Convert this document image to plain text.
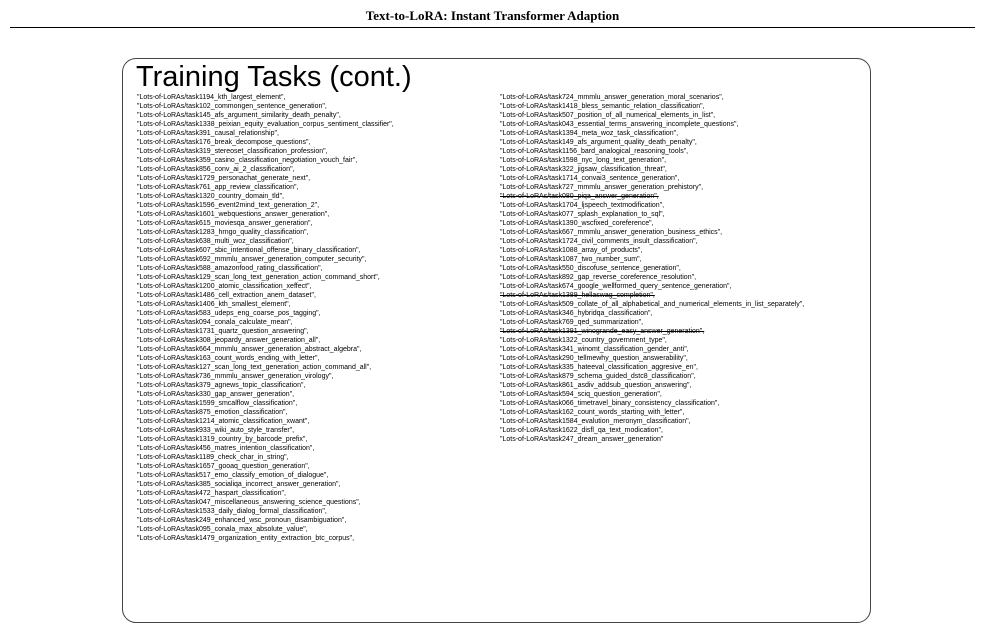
Text-to-LoRA: Instant Transformer Adaption
Training Tasks (cont.)
"Lots-of-LoRAs/task1194_kth_largest_element",
"Lots-of-LoRAs/task102_commongen_sentence_generation",
"Lots-of-LoRAs/task145_afs_argument_similarity_death_penalty",
"Lots-of-LoRAs/task1338_peixian_equity_evaluation_corpus_sentiment_classifier",
"Lots-of-LoRAs/task391_causal_relationship",
"Lots-of-LoRAs/task176_break_decompose_questions",
"Lots-of-LoRAs/task319_stereoset_classification_profession",
"Lots-of-LoRAs/task359_casino_classification_negotiation_vouch_fair",
"Lots-of-LoRAs/task856_conv_ai_2_classification",
"Lots-of-LoRAs/task1729_personachat_generate_next",
"Lots-of-LoRAs/task761_app_review_classification",
"Lots-of-LoRAs/task1320_country_domain_tld",
"Lots-of-LoRAs/task1596_event2mind_text_generation_2",
"Lots-of-LoRAs/task1601_webquestions_answer_generation",
"Lots-of-LoRAs/task615_moviesqa_answer_generation",
"Lots-of-LoRAs/task1283_hrngo_quality_classification",
"Lots-of-LoRAs/task638_multi_woz_classification",
"Lots-of-LoRAs/task607_sbic_intentional_offense_binary_classification",
"Lots-of-LoRAs/task692_mmmlu_answer_generation_computer_security",
"Lots-of-LoRAs/task588_amazonfood_rating_classification",
"Lots-of-LoRAs/task129_scan_long_text_generation_action_command_short",
"Lots-of-LoRAs/task1200_atomic_classification_xeffect",
"Lots-of-LoRAs/task1486_cell_extraction_anem_dataset",
"Lots-of-LoRAs/task1406_kth_smallest_element",
"Lots-of-LoRAs/task583_udeps_eng_coarse_pos_tagging",
"Lots-of-LoRAs/task094_conala_calculate_mean",
"Lots-of-LoRAs/task1731_quartz_question_answering",
"Lots-of-LoRAs/task308_jeopardy_answer_generation_all",
"Lots-of-LoRAs/task664_mmmlu_answer_generation_abstract_algebra",
"Lots-of-LoRAs/task163_count_words_ending_with_letter",
"Lots-of-LoRAs/task127_scan_long_text_generation_action_command_all",
"Lots-of-LoRAs/task736_mmmlu_answer_generation_virology",
"Lots-of-LoRAs/task379_agnews_topic_classification",
"Lots-of-LoRAs/task330_gap_answer_generation",
"Lots-of-LoRAs/task1599_smcalflow_classification",
"Lots-of-LoRAs/task875_emotion_classification",
"Lots-of-LoRAs/task1214_atomic_classification_xwant",
"Lots-of-LoRAs/task933_wiki_auto_style_transfer",
"Lots-of-LoRAs/task1319_country_by_barcode_prefix",
"Lots-of-LoRAs/task456_matres_intention_classification",
"Lots-of-LoRAs/task1189_check_char_in_string",
"Lots-of-LoRAs/task1657_gooaq_question_generation",
"Lots-of-LoRAs/task517_emo_classify_emotion_of_dialogue",
"Lots-of-LoRAs/task385_socialiqa_incorrect_answer_generation",
"Lots-of-LoRAs/task472_haspart_classification",
"Lots-of-LoRAs/task047_miscellaneous_answering_science_questions",
"Lots-of-LoRAs/task1533_daily_dialog_formal_classification",
"Lots-of-LoRAs/task249_enhanced_wsc_pronoun_disambiguation",
"Lots-of-LoRAs/task095_conala_max_absolute_value",
"Lots-of-LoRAs/task1479_organization_entity_extraction_btc_corpus",
"Lots-of-LoRAs/task724_mmmlu_answer_generation_moral_scenarios",
"Lots-of-LoRAs/task1418_bless_semantic_relation_classification",
"Lots-of-LoRAs/task507_position_of_all_numerical_elements_in_list",
"Lots-of-LoRAs/task043_essential_terms_answering_incomplete_questions",
"Lots-of-LoRAs/task1394_meta_woz_task_classification",
"Lots-of-LoRAs/task149_afs_argument_quality_death_penalty",
"Lots-of-LoRAs/task1156_bard_analogical_reasoning_tools",
"Lots-of-LoRAs/task1598_nyc_long_text_generation",
"Lots-of-LoRAs/task322_jigsaw_classification_threat",
"Lots-of-LoRAs/task1714_convai3_sentence_generation",
"Lots-of-LoRAs/task727_mmmlu_answer_generation_prehistory",
"Lots-of-LoRAs/task080_piqa_answer_generation",
"Lots-of-LoRAs/task1704_ljspeech_textmodification",
"Lots-of-LoRAs/task077_splash_explanation_to_sql",
"Lots-of-LoRAs/task1390_wscfixed_coreference",
"Lots-of-LoRAs/task667_mmmlu_answer_generation_business_ethics",
"Lots-of-LoRAs/task1724_civil_comments_insult_classification",
"Lots-of-LoRAs/task1088_array_of_products",
"Lots-of-LoRAs/task1087_two_number_sum",
"Lots-of-LoRAs/task550_discofuse_sentence_generation",
"Lots-of-LoRAs/task892_gap_reverse_coreference_resolution",
"Lots-of-LoRAs/task674_google_wellformed_query_sentence_generation",
"Lots-of-LoRAs/task1389_hellaswag_completion",
"Lots-of-LoRAs/task509_collate_of_all_alphabetical_and_numerical_elements_in_list_separately",
"Lots-of-LoRAs/task346_hybridqa_classification",
"Lots-of-LoRAs/task769_qed_summarization",
"Lots-of-LoRAs/task1391_winogrande_easy_answer_generation",
"Lots-of-LoRAs/task1322_country_government_type",
"Lots-of-LoRAs/task341_winomt_classification_gender_anti",
"Lots-of-LoRAs/task290_tellmewhy_question_answerability",
"Lots-of-LoRAs/task335_hateeval_classification_aggresive_en",
"Lots-of-LoRAs/task879_schema_guided_dstc8_classification",
"Lots-of-LoRAs/task861_asdiv_addsub_question_answering",
"Lots-of-LoRAs/task594_sciq_question_generation",
"Lots-of-LoRAs/task066_timetravel_binary_consistency_classification",
"Lots-of-LoRAs/task162_count_words_starting_with_letter",
"Lots-of-LoRAs/task1584_evalution_meronym_classification",
"Lots-of-LoRAs/task1622_disfl_qa_text_modication",
"Lots-of-LoRAs/task247_dream_answer_generation"
